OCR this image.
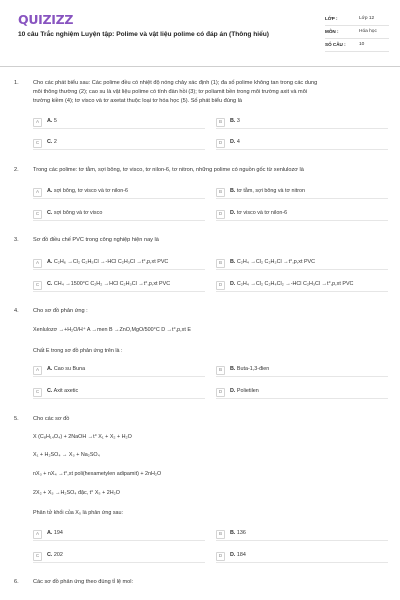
QUIZIZZ
10 câu Trắc nghiệm Luyện tập: Polime và vật liệu polime có đáp án (Thông hiểu)
LỚP :	Lớp 12
MÔN :	Hóa học
SỐ CÂU :	10
1.	Cho các phát biểu sau: Các polime đều có nhiệt độ nóng chảy xác định (1); đa số polime không tan trong các dung
môi thông thường (2); cao su là vật liệu polime có tính đàn hồi (3); tơ poliamit bền trong môi trường axit và môi
trường kiềm (4); tơ visco và tơ axetat thuộc loại tơ hóa học (5). Số phát biểu đúng là
A	A. 5	B	B. 3
C	C. 2	D	D. 4
2.	Trong các polime: tơ tằm, sợi bông, tơ visco, tơ nilon-6, tơ nitron, những polime có nguồn gốc từ xenlulozơ là
A	A. sợi bông, tơ visco và tơ nilon-6	B	B. tơ tằm, sợi bông và tơ nitron
C	C. sợi bông và tơ visco	D	D. tơ visco và tơ nilon-6
3.	Sơ đồ điều chế PVC trong công nghiệp hiện nay là
A	A. C₂H₆ →Cl₂ C₂H₅Cl →-HCl C₂H₃Cl →t°,p,xt PVC	B	B. C₂H₄ →Cl₂ C₂H₃Cl →t°,p,xt PVC
C	C. CH₄ →1500°C C₂H₂ →HCl C₂H₃Cl →t°,p,xt PVC	D	D. C₂H₄ →Cl₂ C₂H₄Cl₂ →-HCl C₂H₃Cl →t°,p,xt PVC
4.	Cho sơ đồ phản ứng :
Xenlulozơ →+H₂O/H⁺ A →men B →ZnO,MgO/500°C D →t°,p,xt E
Chất E trong sơ đồ phản ứng trên là :
A	A. Cao su Buna	B	B. Buta-1,3-đien
C	C. Axit axetic	D	D. Polietilen
5.	Cho các sơ đồ
X (C₈H₁₄O₄) + 2NaOH →t° X₁ + X₂ + H₂O
X₁ + H₂SO₄ → X₃ + Na₂SO₄
nX₃ + nX₄ →t°,xt poli(hexametylen adipamit) + 2nH₂O
2X₂ + X₃ →H₂SO₄ đặc, t° X₅ + 2H₂O
Phân tử khối của X₅ là phản ứng sau:
A	A. 194	B	B. 136
C	C. 202	D	D. 184
6.	Các sơ đồ phản ứng theo đúng tỉ lệ mol:
